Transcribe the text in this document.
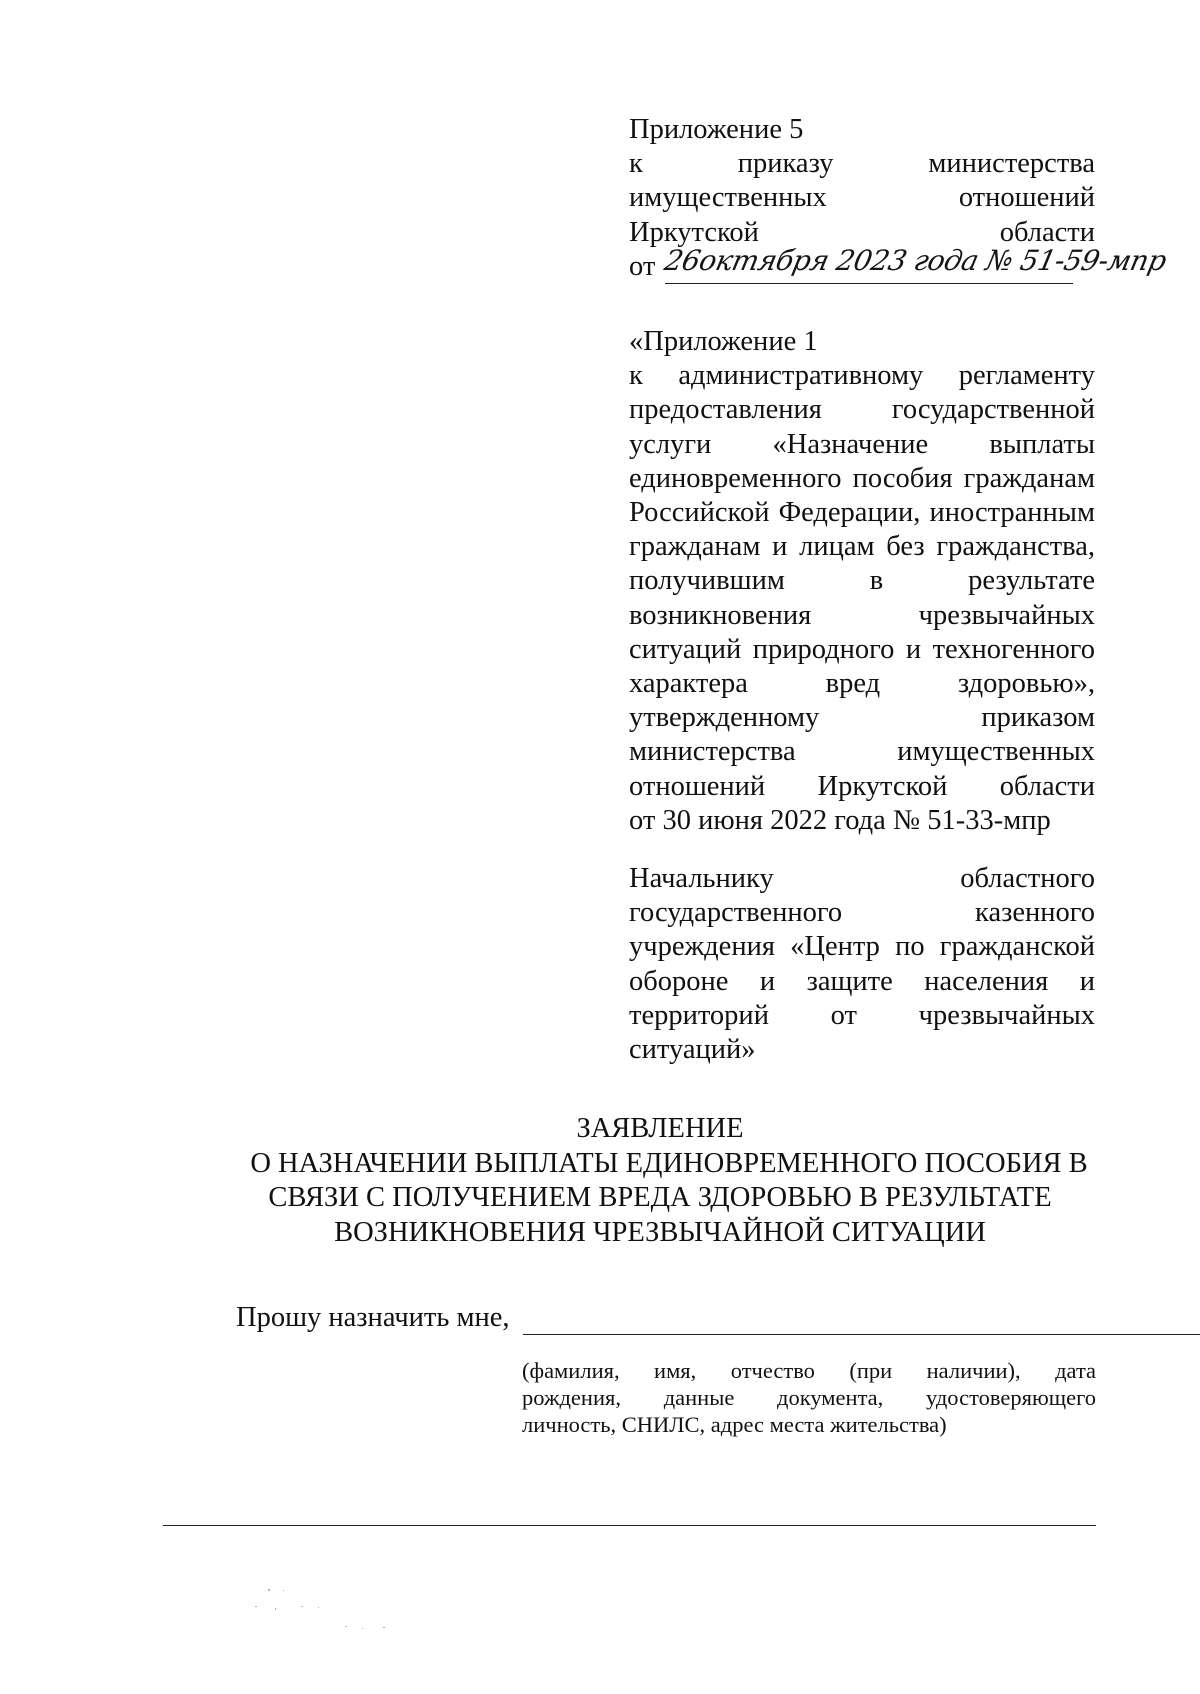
Приложение 5
к	приказу	министерства
имущественных	отношений
Иркутской	области
от 26октября 2023 года № 51-59-мпр
«Приложение 1
к административному регламенту
предоставления государственной
услуги «Назначение выплаты
единовременного пособия гражданам
Российской Федерации, иностранным
гражданам и лицам без гражданства,
получившим	в	результате
возникновения	чрезвычайных
ситуаций природного и техногенного
характера	вред	здоровью»,
утвержденному	приказом
министерства	имущественных
отношений Иркутской области
от 30 июня 2022 года № 51-33-мпр
Начальнику	областного
государственного	казенного
учреждения «Центр по гражданской
обороне и защите населения и
территорий от чрезвычайных
ситуаций»
ЗАЯВЛЕНИЕ
О НАЗНАЧЕНИИ ВЫПЛАТЫ ЕДИНОВРЕМЕННОГО ПОСОБИЯ В
СВЯЗИ С ПОЛУЧЕНИЕМ ВРЕДА ЗДОРОВЬЮ В РЕЗУЛЬТАТЕ
ВОЗНИКНОВЕНИЯ ЧРЕЗВЫЧАЙНОЙ СИТУАЦИИ
Прошу назначить мне,
(фамилия, имя, отчество (при наличии), дата
рождения, данные документа, удостоверяющего
личность, СНИЛС, адрес места жительства)
